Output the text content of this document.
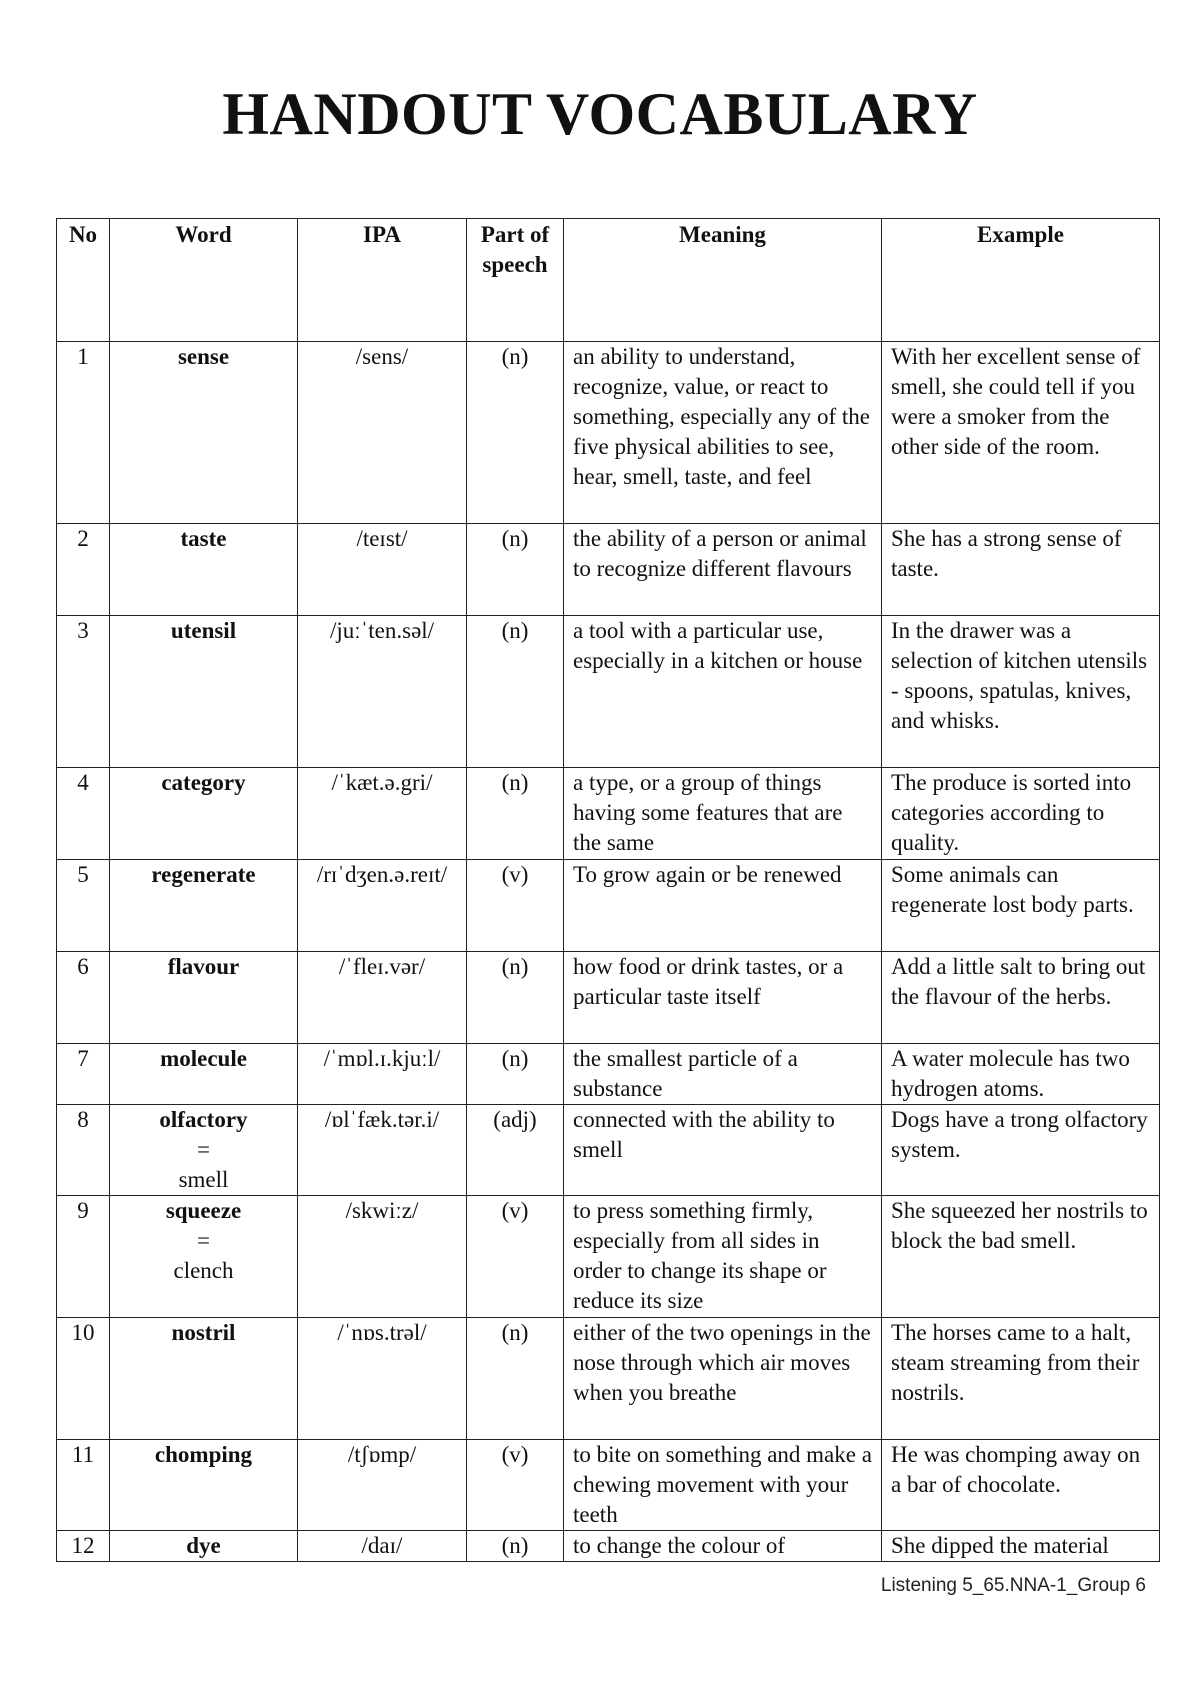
HANDOUT VOCABULARY
No	Word	IPA	Part of speech	Meaning	Example
1	sense	/sens/	(n)	an ability to understand, recognize, value, or react to something, especially any of the five physical abilities to see, hear, smell, taste, and feel	With her excellent sense of smell, she could tell if you were a smoker from the other side of the room.
2	taste	/teɪst/	(n)	the ability of a person or animal to recognize different flavours	She has a strong sense of taste.
3	utensil	/juːˈten.səl/	(n)	a tool with a particular use, especially in a kitchen or house	In the drawer was a selection of kitchen utensils - spoons, spatulas, knives, and whisks.
4	category	/ˈkæt.ə.gri/	(n)	a type, or a group of things having some features that are the same	The produce is sorted into categories according to quality.
5	regenerate	/rɪˈdʒen.ə.reɪt/	(v)	To grow again or be renewed	Some animals can regenerate lost body parts.
6	flavour	/ˈfleɪ.vər/	(n)	how food or drink tastes, or a particular taste itself	Add a little salt to bring out the flavour of the herbs.
7	molecule	/ˈmɒl.ɪ.kjuːl/	(n)	the smallest particle of a substance	A water molecule has two hydrogen atoms.
8	olfactory
=
smell	/ɒlˈfæk.tər.i/	(adj)	connected with the ability to smell	Dogs have a trong olfactory system.
9	squeeze
=
clench	/skwiːz/	(v)	to press something firmly, especially from all sides in order to change its shape or reduce its size	She squeezed her nostrils to block the bad smell.
10	nostril	/ˈnɒs.trəl/	(n)	either of the two openings in the nose through which air moves when you breathe	The horses came to a halt, steam streaming from their nostrils.
11	chomping	/tʃɒmp/	(v)	to bite on something and make a chewing movement with your teeth	He was chomping away on a bar of chocolate.
12	dye	/daɪ/	(n)	to change the colour of	She dipped the material
Listening 5_65.NNA-1_Group 6
